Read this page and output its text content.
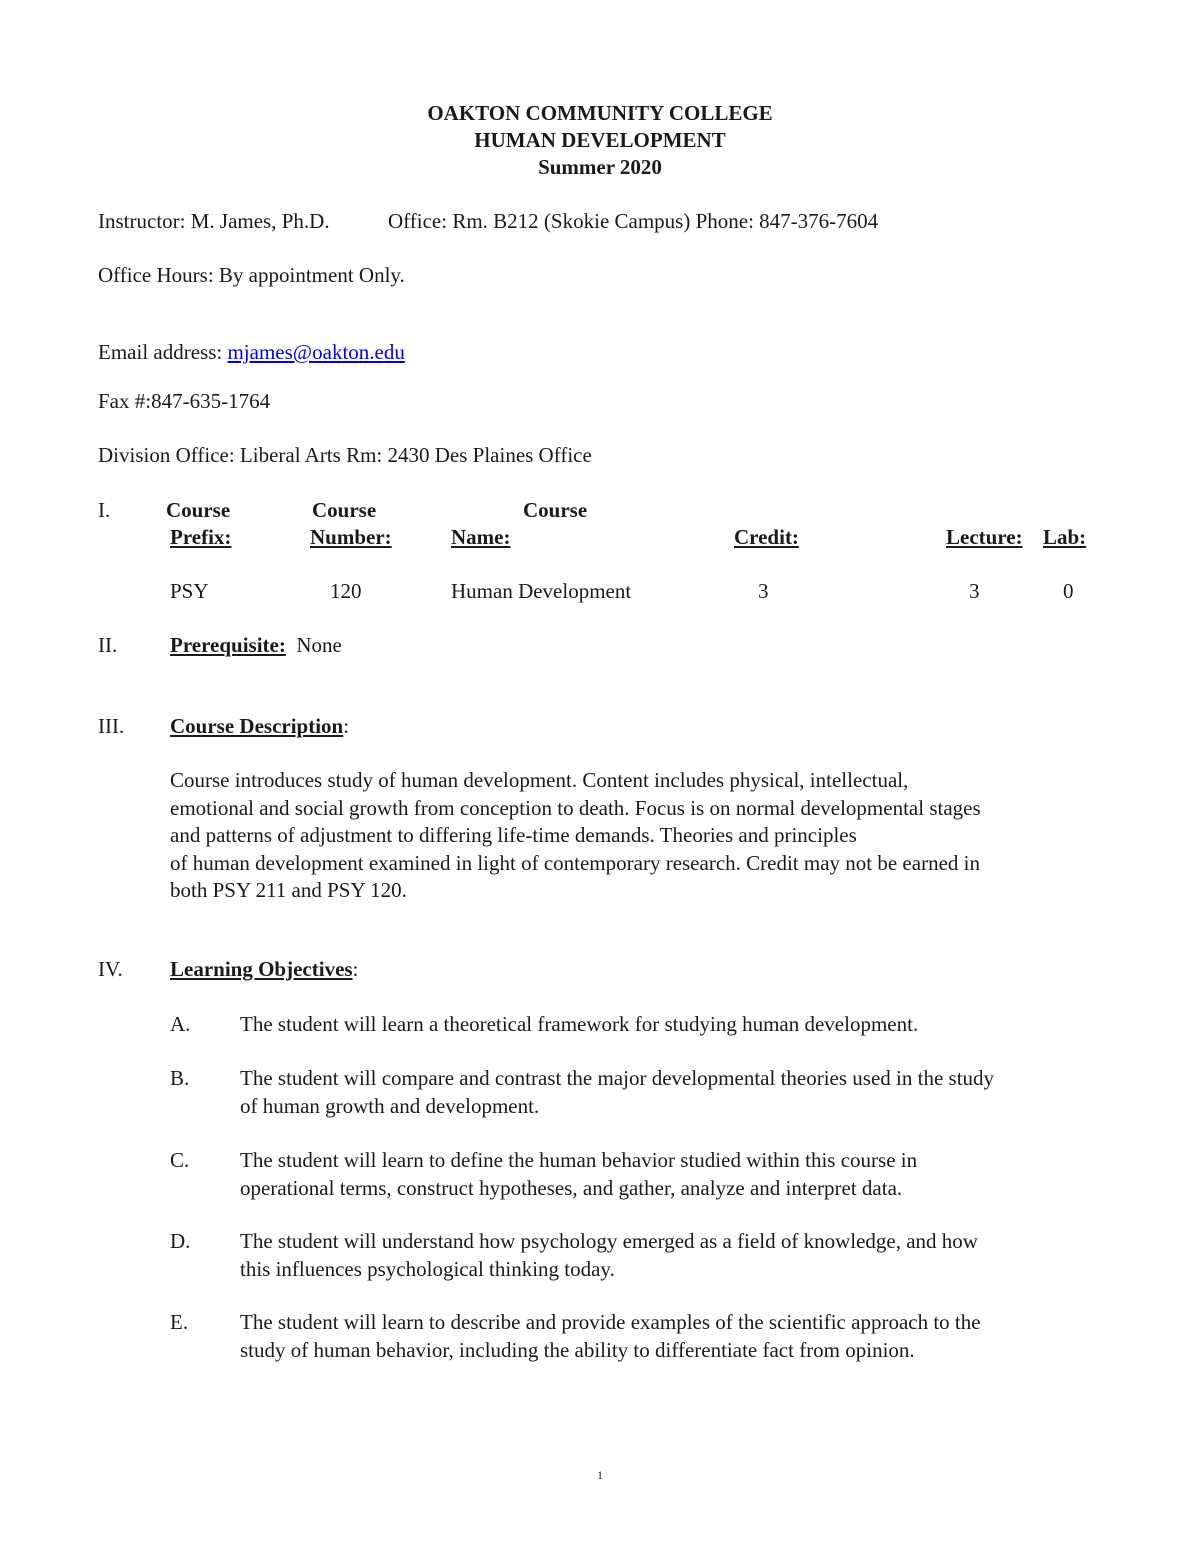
OAKTON COMMUNITY COLLEGE
HUMAN DEVELOPMENT
Summer 2020
Instructor: M. James, Ph.D.	Office: Rm. B212 (Skokie Campus) Phone: 847-376-7604
Office Hours: By appointment Only.
Email address: mjames@oakton.edu
Fax #:847-635-1764
Division Office: Liberal Arts Rm: 2430 Des Plaines Office
I.	Course	Course	Course
Prefix:	Number:	Name:	Credit:	Lecture: Lab:
PSY	120	Human Development	3	3	0
II.	Prerequisite: None
III. Course Description:
Course introduces study of human development. Content includes physical, intellectual,
emotional and social growth from conception to death. Focus is on normal developmental stages
and patterns of adjustment to differing life-time demands. Theories and principles
of human development examined in light of contemporary research. Credit may not be earned in
both PSY 211 and PSY 120.
IV. Learning Objectives:
A. The student will learn a theoretical framework for studying human development.
B. The student will compare and contrast the major developmental theories used in the study
of human growth and development.
C. The student will learn to define the human behavior studied within this course in
operational terms, construct hypotheses, and gather, analyze and interpret data.
D. The student will understand how psychology emerged as a field of knowledge, and how
this influences psychological thinking today.
E. The student will learn to describe and provide examples of the scientific approach to the
study of human behavior, including the ability to differentiate fact from opinion.
1
